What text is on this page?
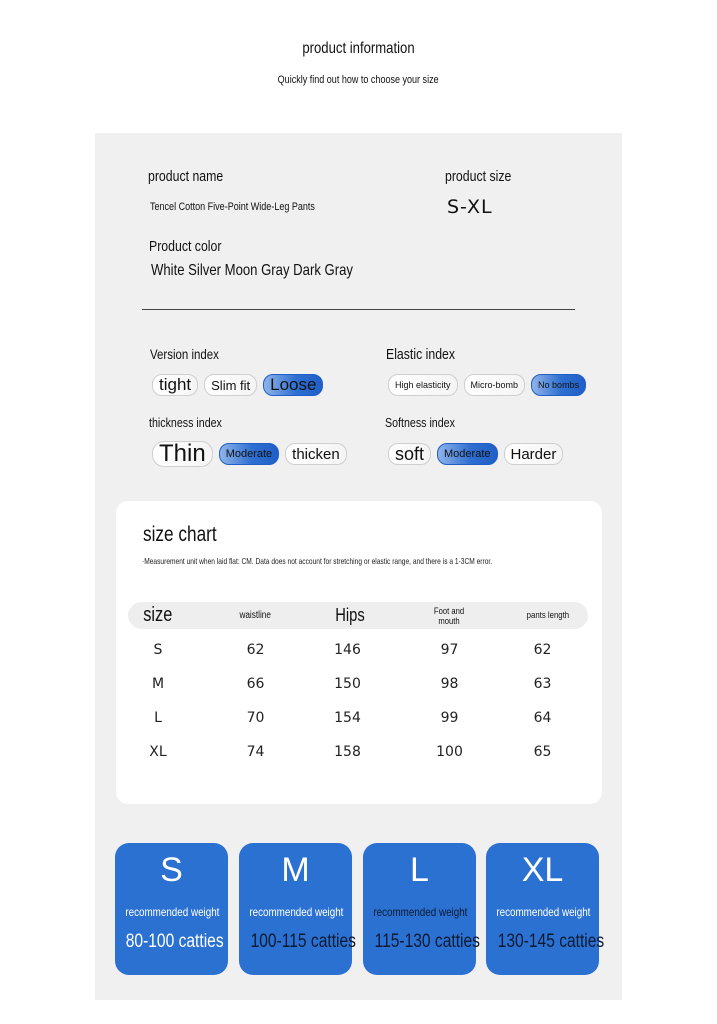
product information
Quickly find out how to choose your size
product name
Tencel Cotton Five-Point Wide-Leg Pants
product size
S-XL
Product color
White Silver Moon Gray Dark Gray
Version index
tight Slim fit Loose
Elastic index
High elasticity Micro-bomb No bombs
thickness index
Thin Moderate thicken
Softness index
soft Moderate Harder
size chart
·Measurement unit when laid flat: CM. Data does not account for stretching or elastic range, and there is a 1-3CM error.
size	waistline	Hips	Foot and mouth	pants length
S	62	146	97	62
M	66	150	98	63
L	70	154	99	64
XL	74	158	100	65
S
recommended weight
80-100 catties
M
recommended weight
100-115 catties
L
recommended weight
115-130 catties
XL
recommended weight
130-145 catties
